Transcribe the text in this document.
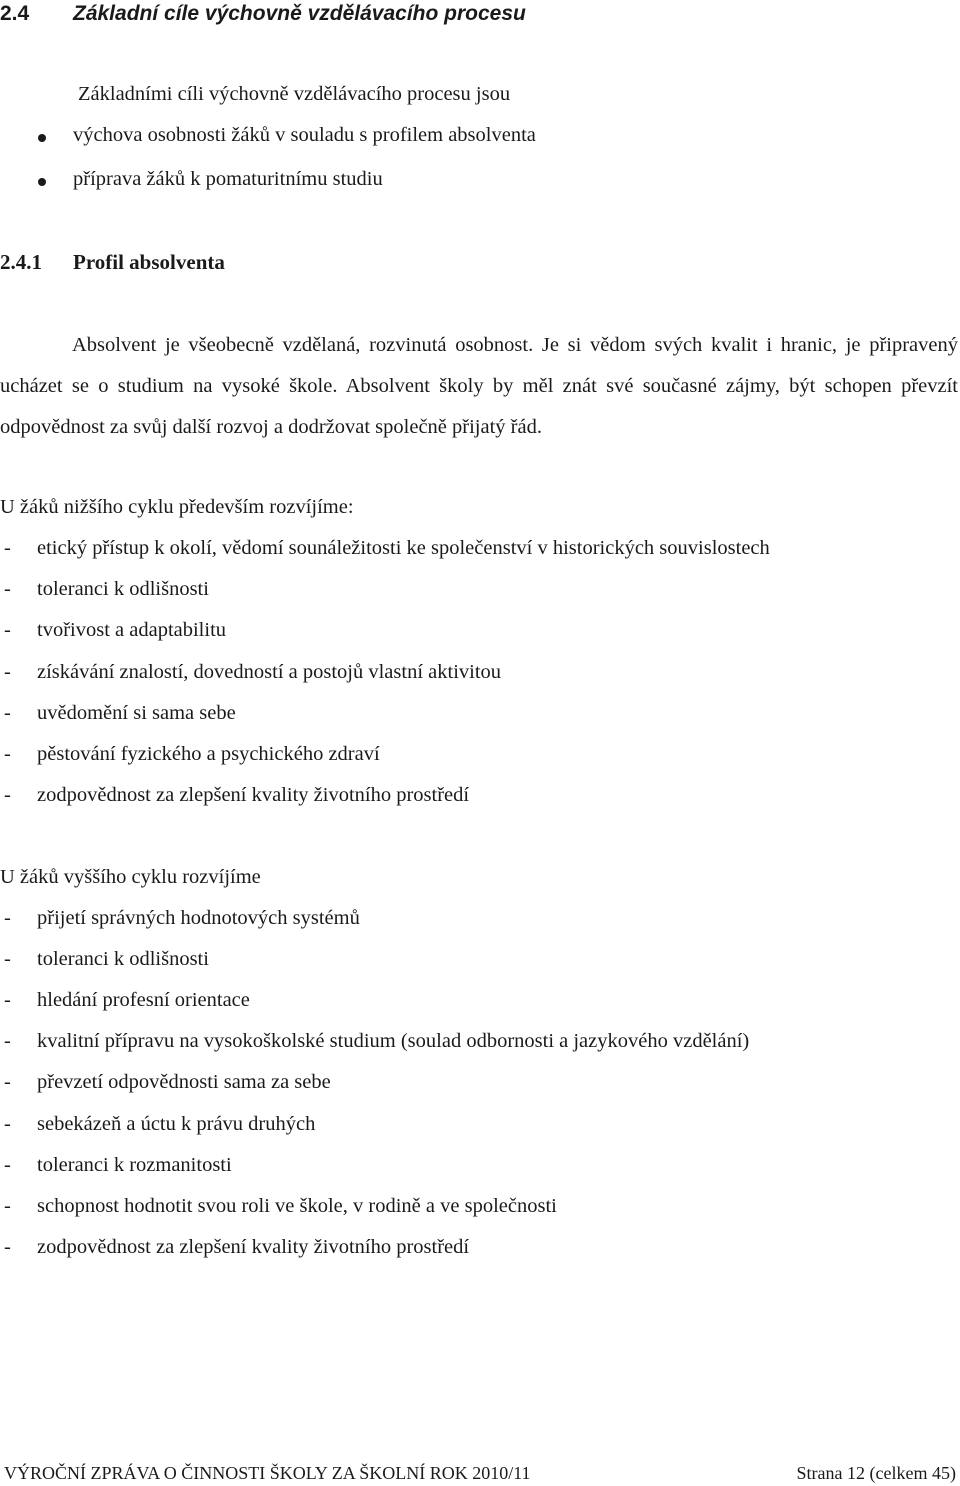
2.4 Základní cíle výchovně vzdělávacího procesu
Základními cíli výchovně vzdělávacího procesu jsou
výchova osobnosti žáků v souladu s profilem absolventa
příprava žáků k pomaturitnímu studiu
2.4.1 Profil absolventa
Absolvent je všeobecně vzdělaná, rozvinutá osobnost. Je si vědom svých kvalit i hranic, je připravený ucházet se o studium na vysoké škole. Absolvent školy by měl znát své současné zájmy, být schopen převzít odpovědnost za svůj další rozvoj a dodržovat společně přijatý řád.
U žáků nižšího cyklu především rozvíjíme:
- etický přístup k okolí, vědomí sounáležitosti ke společenství v historických souvislostech
- toleranci k odlišnosti
- tvořivost a adaptabilitu
- získávání znalostí, dovedností a postojů vlastní aktivitou
- uvědomění si sama sebe
- pěstování fyzického a psychického zdraví
- zodpovědnost za zlepšení kvality životního prostředí
U žáků vyššího cyklu rozvíjíme
- přijetí správných hodnotových systémů
- toleranci k odlišnosti
- hledání profesní orientace
- kvalitní přípravu na vysokoškolské studium (soulad odbornosti a jazykového vzdělání)
- převzetí odpovědnosti sama za sebe
- sebekázeň a úctu k právu druhých
- toleranci k rozmanitosti
- schopnost hodnotit svou roli ve škole, v rodině a ve společnosti
- zodpovědnost za zlepšení kvality životního prostředí
VÝROČNÍ ZPRÁVA O ČINNOSTI ŠKOLY ZA ŠKOLNÍ ROK 2010/11	Strana 12 (celkem 45)
